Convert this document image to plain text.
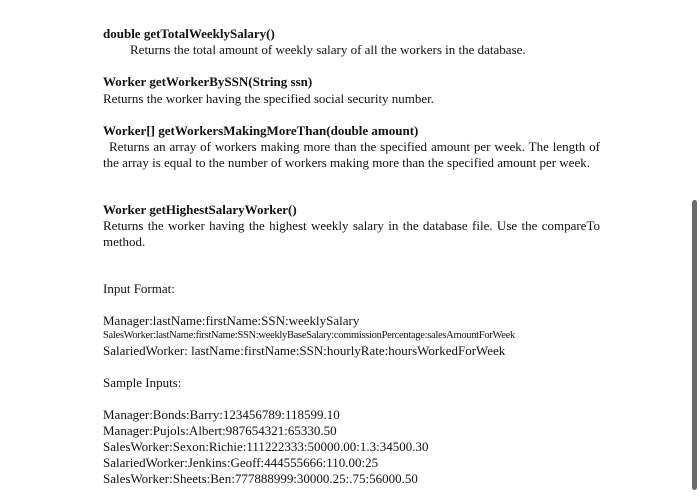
double getTotalWeeklySalary()
Returns the total amount of weekly salary of all the workers in the database.
Worker getWorkerBySSN(String ssn)
Returns the worker having the specified social security number.
Worker[] getWorkersMakingMoreThan(double amount)
Returns an array of workers making more than the specified amount per week. The length of the array is equal to the number of workers making more than the specified amount per week.
Worker getHighestSalaryWorker()
Returns the worker having the highest weekly salary in the database file. Use the compareTo method.
Input Format:
Manager:lastName:firstName:SSN:weeklySalary
SalesWorker:lastName:firstName:SSN:weeklyBaseSalary:commissionPercentage:salesAmountForWeek
SalariedWorker: lastName:firstName:SSN:hourlyRate:hoursWorkedForWeek
Sample Inputs:
Manager:Bonds:Barry:123456789:118599.10
Manager:Pujols:Albert:987654321:65330.50
SalesWorker:Sexon:Richie:111222333:50000.00:1.3:34500.30
SalariedWorker:Jenkins:Geoff:444555666:110.00:25
SalesWorker:Sheets:Ben:777888999:30000.25:.75:56000.50
